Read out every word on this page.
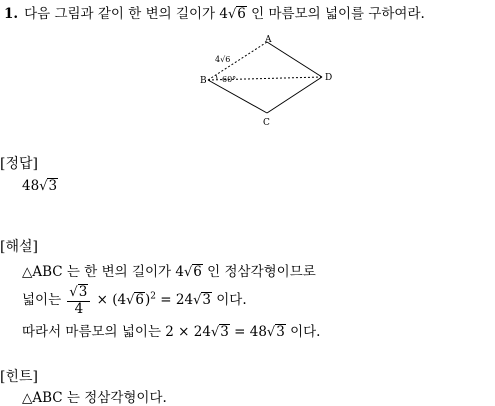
1. 다음 그림과 같이 한 변의 길이가 4√6 인 마름모의 넓이를 구하여라.
A
B
C
D
4√6
60°
[정답]
48√3
[해설]
△ABC 는 한 변의 길이가 4√6 인 정삼각형이므로
넓이는 $\frac{√3}{4} \times (4√6)^2 = 24√3$ 이다.
따라서 마름모의 넓이는 2 × 24√3 = 48√3 이다.
[힌트]
△ABC 는 정삼각형이다.
